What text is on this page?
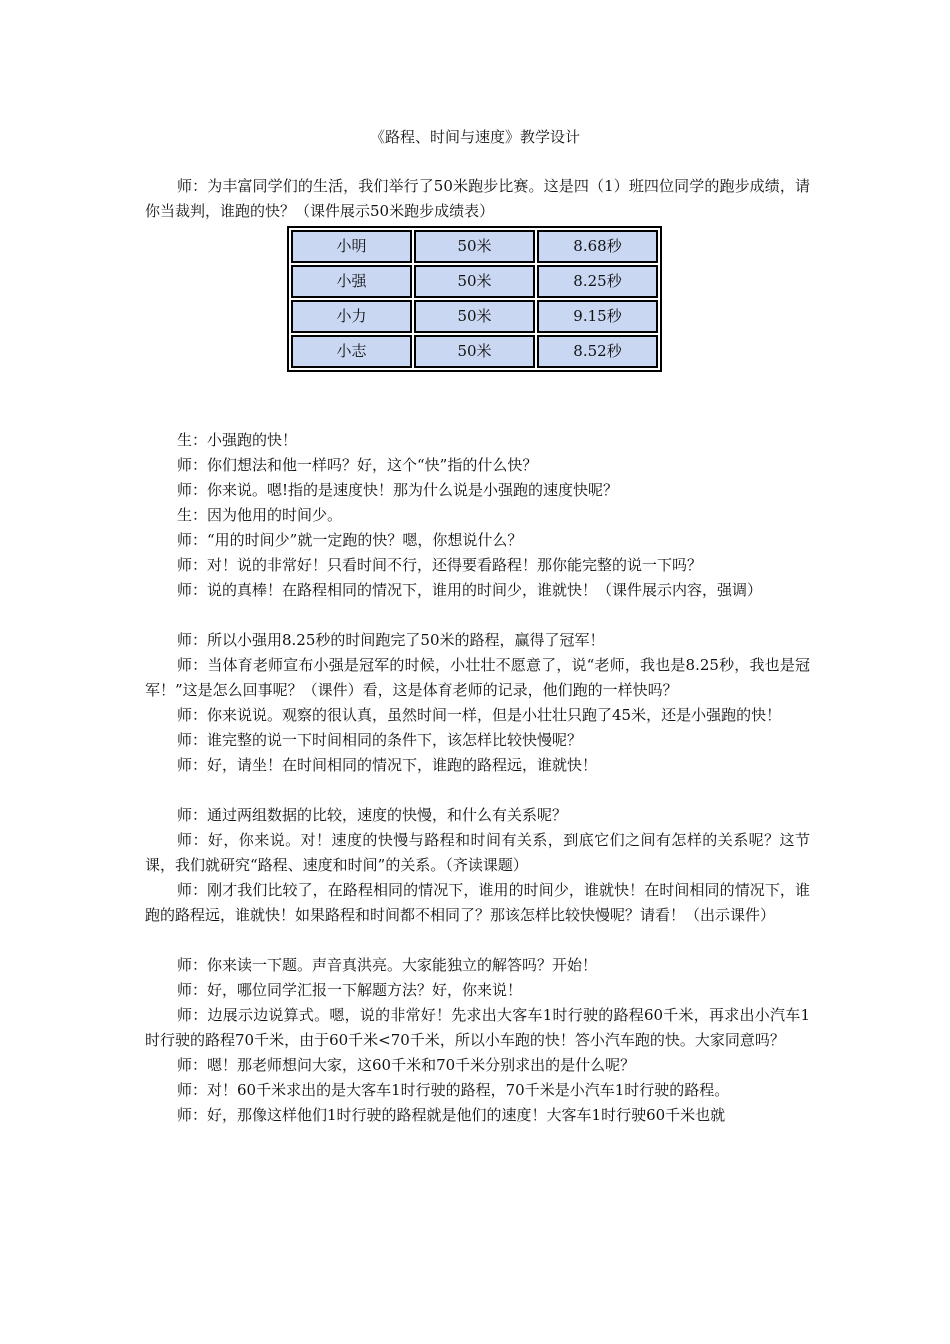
《路程、时间与速度》教学设计

师：为丰富同学们的生活，我们举行了50米跑步比赛。这是四（1）班四位同学的跑步成绩，请你当裁判，谁跑的快？（课件展示50米跑步成绩表）

小明	50米	8.68秒
小强	50米	8.25秒
小力	50米	9.15秒
小志	50米	8.52秒

生：小强跑的快！

师：你们想法和他一样吗？好，这个“快”指的什么快？

师：你来说。嗯!指的是速度快！那为什么说是小强跑的速度快呢？

生：因为他用的时间少。

师：“用的时间少”就一定跑的快？嗯，你想说什么？

师：对！说的非常好！只看时间不行，还得要看路程！那你能完整的说一下吗？

师：说的真棒！在路程相同的情况下，谁用的时间少，谁就快！（课件展示内容，强调）

师：所以小强用8.25秒的时间跑完了50米的路程，赢得了冠军！

师：当体育老师宣布小强是冠军的时候，小壮壮不愿意了，说“老师，我也是8.25秒，我也是冠军！”这是怎么回事呢？（课件）看，这是体育老师的记录，他们跑的一样快吗？

师：你来说说。观察的很认真，虽然时间一样，但是小壮壮只跑了45米，还是小强跑的快！

师：谁完整的说一下时间相同的条件下，该怎样比较快慢呢？

师：好，请坐！在时间相同的情况下，谁跑的路程远，谁就快！

师：通过两组数据的比较，速度的快慢，和什么有关系呢？

师：好，你来说。对！速度的快慢与路程和时间有关系，到底它们之间有怎样的关系呢？这节课，我们就研究“路程、速度和时间”的关系。（齐读课题）

师：刚才我们比较了，在路程相同的情况下，谁用的时间少，谁就快！在时间相同的情况下，谁跑的路程远，谁就快！如果路程和时间都不相同了？那该怎样比较快慢呢？请看！（出示课件）

师：你来读一下题。声音真洪亮。大家能独立的解答吗？开始！

师：好，哪位同学汇报一下解题方法？好，你来说！

师：边展示边说算式。嗯，说的非常好！先求出大客车1时行驶的路程60千米，再求出小汽车1时行驶的路程70千米，由于60千米<70千米，所以小车跑的快！答小汽车跑的快。大家同意吗？

师：嗯！那老师想问大家，这60千米和70千米分别求出的是什么呢？

师：对！60千米求出的是大客车1时行驶的路程，70千米是小汽车1时行驶的路程。

师：好，那像这样他们1时行驶的路程就是他们的速度！大客车1时行驶60千米也就
